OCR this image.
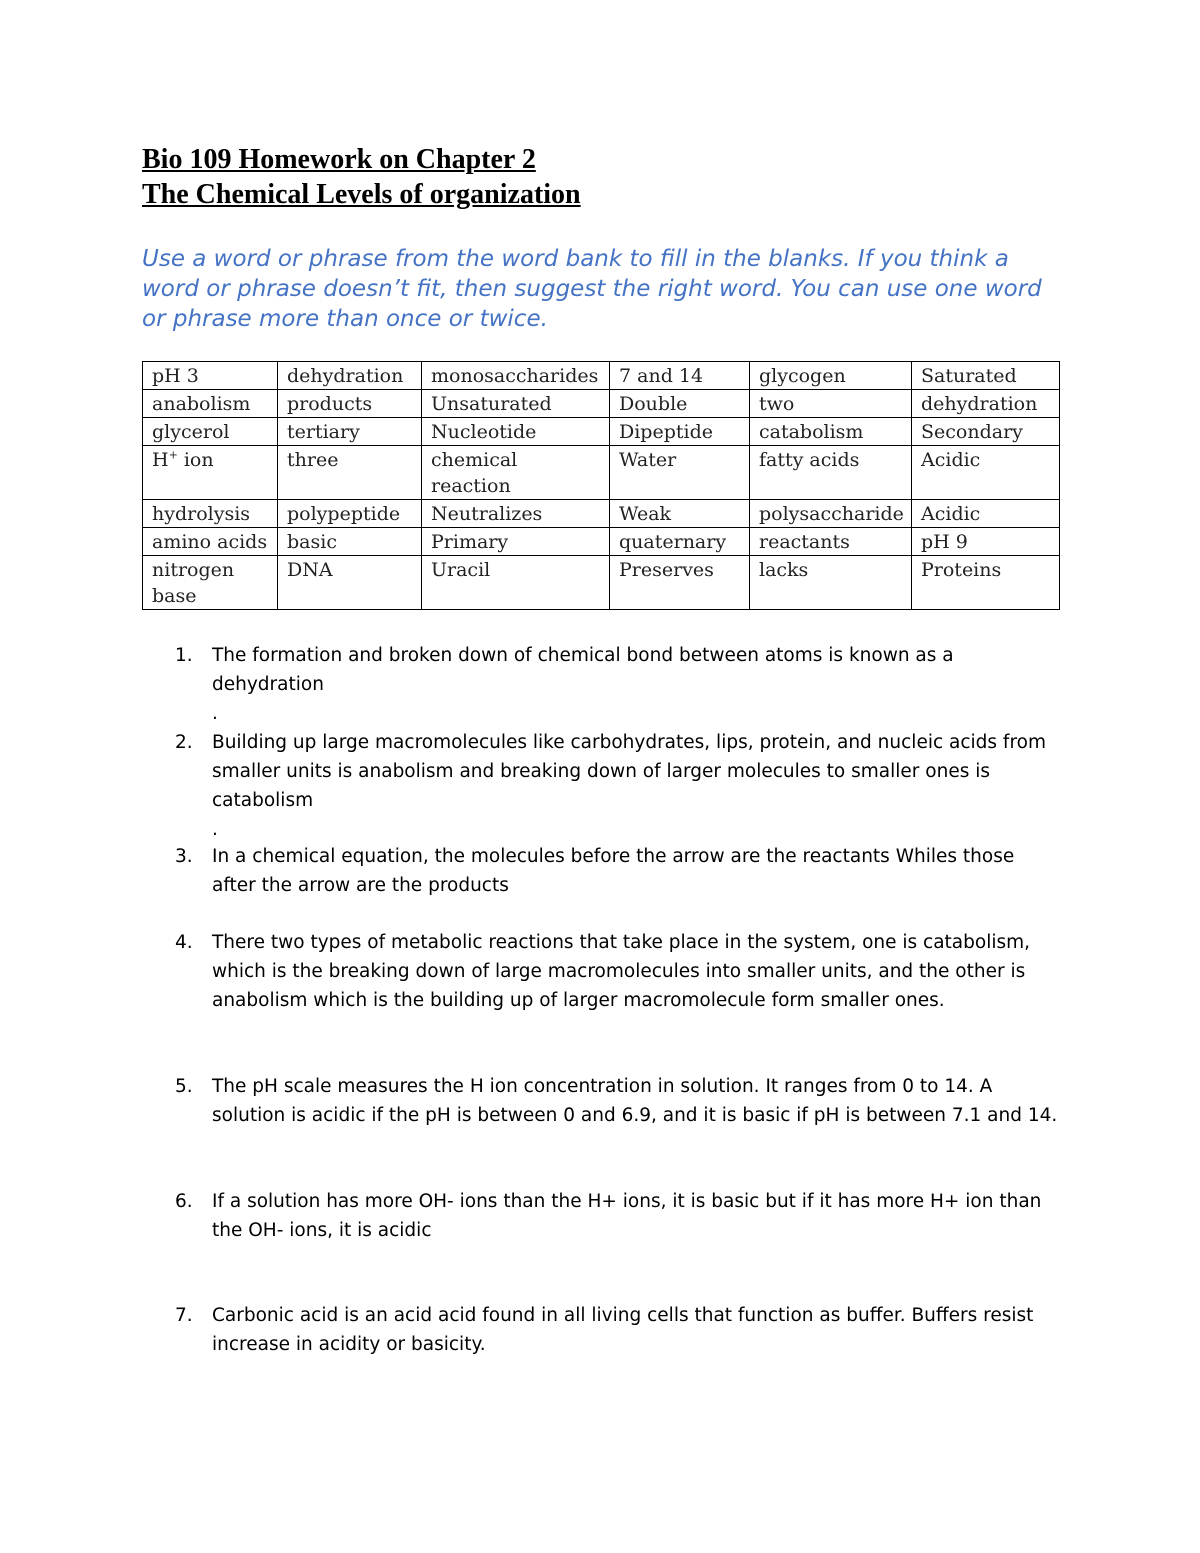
Bio 109 Homework on Chapter 2
The Chemical Levels of organization
Use a word or phrase from the word bank to fill in the blanks. If you think a word or phrase doesn’t fit, then suggest the right word. You can use one word or phrase more than once or twice.
pH 3	dehydration	monosaccharides	7 and 14	glycogen	Saturated
anabolism	products	Unsaturated	Double	two	dehydration
glycerol	tertiary	Nucleotide	Dipeptide	catabolism	Secondary
H+ ion	three	chemical reaction	Water	fatty acids	Acidic
hydrolysis	polypeptide	Neutralizes	Weak	polysaccharide	Acidic
amino acids	basic	Primary	quaternary	reactants	pH 9
nitrogen base	DNA	Uracil	Preserves	lacks	Proteins
1. The formation and broken down of chemical bond between atoms is known as a dehydration
.
2. Building up large macromolecules like carbohydrates, lips, protein, and nucleic acids from smaller units is anabolism and breaking down of larger molecules to smaller ones is catabolism
.
3. In a chemical equation, the molecules before the arrow are the reactants Whiles those after the arrow are the products
4. There two types of metabolic reactions that take place in the system, one is catabolism, which is the breaking down of large macromolecules into smaller units, and the other is anabolism which is the building up of larger macromolecule form smaller ones.
5. The pH scale measures the H ion concentration in solution. It ranges from 0 to 14. A solution is acidic if the pH is between 0 and 6.9, and it is basic if pH is between 7.1 and 14.
6. If a solution has more OH- ions than the H+ ions, it is basic but if it has more H+ ion than the OH- ions, it is acidic
7. Carbonic acid is an acid acid found in all living cells that function as buffer. Buffers resist increase in acidity or basicity.
